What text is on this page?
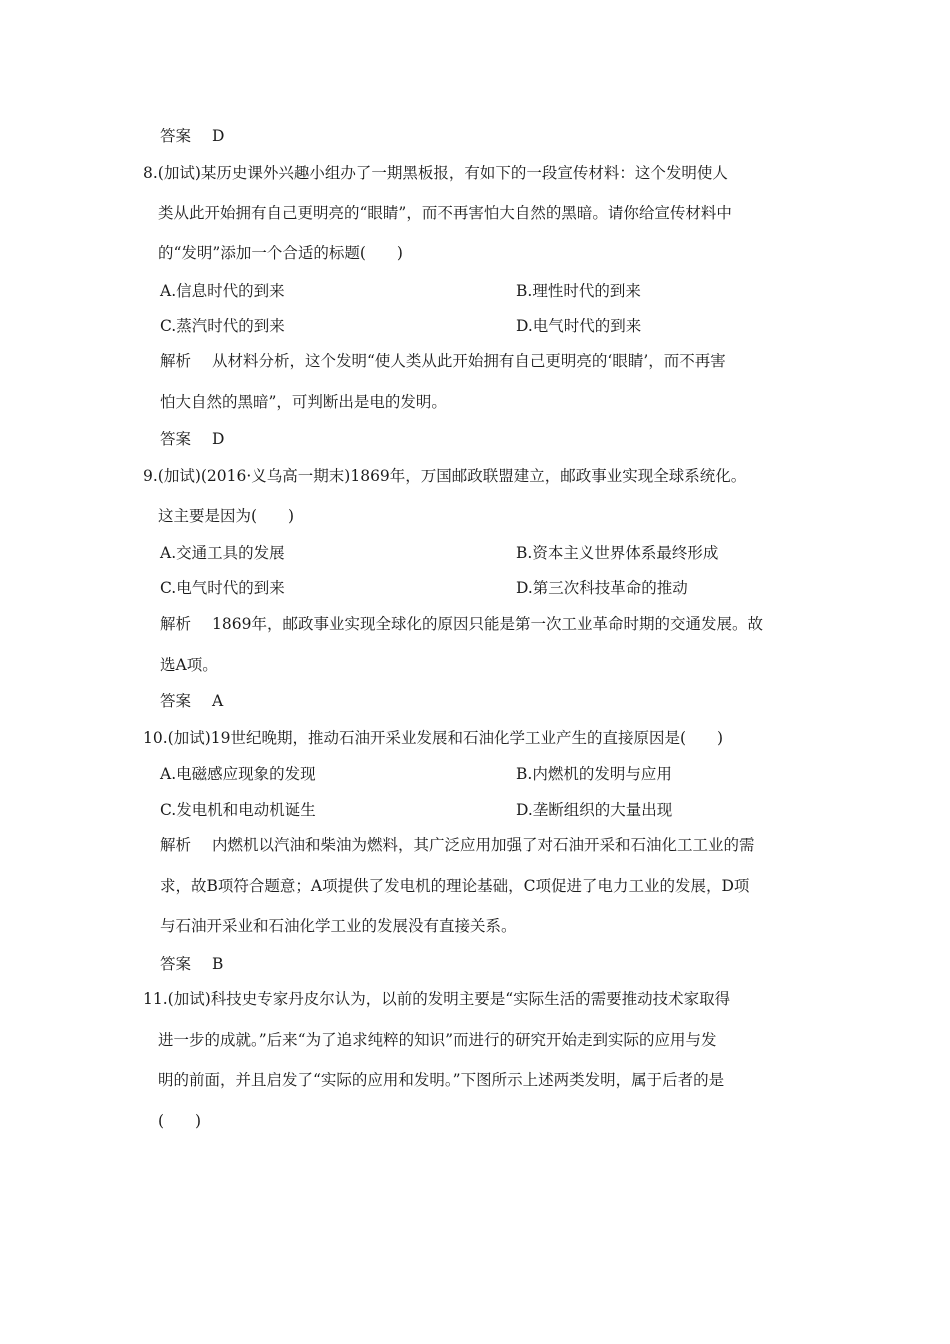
答案 D
8.(加试)某历史课外兴趣小组办了一期黑板报，有如下的一段宣传材料：这个发明使人
类从此开始拥有自己更明亮的“眼睛”，而不再害怕大自然的黑暗。请你给宣传材料中
的“发明”添加一个合适的标题(　　)
A.信息时代的到来	B.理性时代的到来
C.蒸汽时代的到来	D.电气时代的到来
解析 从材料分析，这个发明“使人类从此开始拥有自己更明亮的‘眼睛’，而不再害
怕大自然的黑暗”，可判断出是电的发明。
答案 D
9.(加试)(2016·义乌高一期末)1869年，万国邮政联盟建立，邮政事业实现全球系统化。
这主要是因为(　　)
A.交通工具的发展	B.资本主义世界体系最终形成
C.电气时代的到来	D.第三次科技革命的推动
解析 1869年，邮政事业实现全球化的原因只能是第一次工业革命时期的交通发展。故
选A项。
答案 A
10.(加试)19世纪晚期，推动石油开采业发展和石油化学工业产生的直接原因是(　　)
A.电磁感应现象的发现	B.内燃机的发明与应用
C.发电机和电动机诞生	D.垄断组织的大量出现
解析 内燃机以汽油和柴油为燃料，其广泛应用加强了对石油开采和石油化工工业的需
求，故B项符合题意；A项提供了发电机的理论基础，C项促进了电力工业的发展，D项
与石油开采业和石油化学工业的发展没有直接关系。
答案 B
11.(加试)科技史专家丹皮尔认为，以前的发明主要是“实际生活的需要推动技术家取得
进一步的成就。”后来“为了追求纯粹的知识”而进行的研究开始走到实际的应用与发
明的前面，并且启发了“实际的应用和发明。”下图所示上述两类发明，属于后者的是
(　　)
